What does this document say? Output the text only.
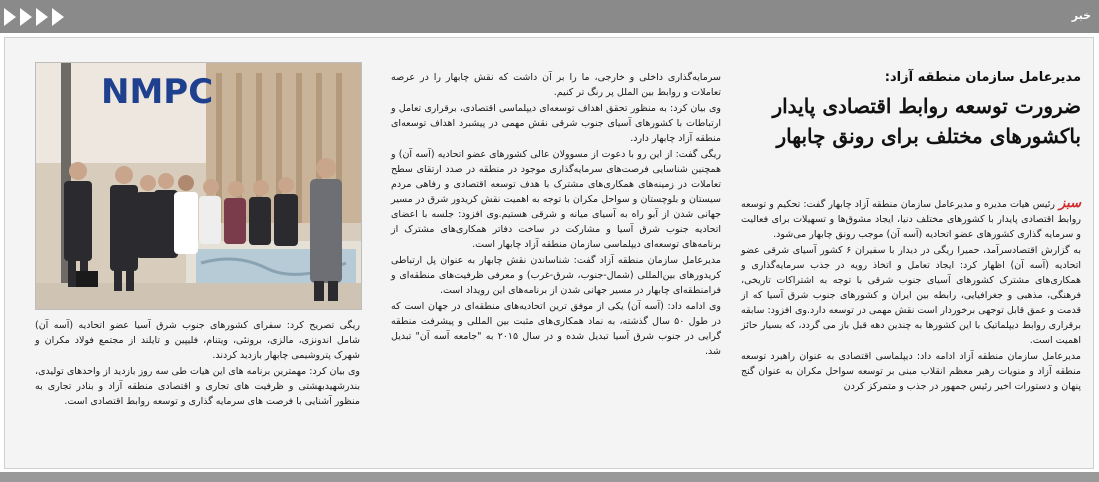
خبر
NMPC	مدیرعامل سازمان منطقه آزاد:
ضرورت توسعه روابط اقتصادی پایدار
باکشورهای مختلف برای رونق چابهار

سبزرئیس هیات مدیره و مدیرعامل سازمان منطقه آزاد چابهار گفت: تحکیم و توسعه روابط اقتصادی پایدار با کشورهای مختلف دنیا، ایجاد مشوق‌ها و تسهیلات برای فعالیت و سرمایه گذاری کشورهای عضو اتحادیه (آسه آن) موجب رونق چابهار می‌شود.

به گزارش اقتصادسرآمد، حمیرا ریگی در دیدار با سفیران ۶ کشور آسیای شرقی عضو اتحادیه (آسه آن) اظهار کرد: ایجاد تعامل و اتخاذ رویه در جذب سرمایه‌گذاری و همکاری‌های مشترک کشورهای آسیای جنوب شرقی با توجه به اشتراکات تاریخی، فرهنگی، مذهبی و جغرافیایی، رابطه بین ایران و کشورهای جنوب شرق آسیا که از قدمت و عمق قابل توجهی برخوردار است نقش مهمی در توسعه دارد.وی افزود: سابقه برقراری روابط دیپلماتیک با این کشورها به چندین دهه قبل باز می گردد، که بسیار حائز اهمیت است.

مدیرعامل سازمان منطقه آزاد ادامه داد: دیپلماسی اقتصادی به عنوان راهبرد توسعه منطقه آزاد و منویات رهبر معظم انقلاب مبنی بر توسعه سواحل مکران به عنوان گنج پنهان و دستورات اخیر رئیس جمهور در جذب و متمرکز کردن

سرمایه‌گذاری داخلی و خارجی، ما را بر آن داشت که نقش چابهار را در عرصه تعاملات و روابط بین الملل پر رنگ تر کنیم.

وی بیان کرد: به منظور تحقق اهداف توسعه‌ای دیپلماسی اقتصادی، برقراری تعامل و ارتباطات با کشورهای آسیای جنوب شرقی نقش مهمی در پیشبرد اهداف توسعه‌ای منطقه آزاد چابهار دارد.

ریگی گفت: از این رو با دعوت از مسوولان عالی کشورهای عضو اتحادیه (آسه آن) و همچنین شناسایی فرصت‌های سرمایه‌گذاری موجود در منطقه در صدد ارتقای سطح تعاملات در زمینه‌های همکاری‌های مشترک با هدف توسعه اقتصادی و رفاهی مردم سیستان و بلوچستان و سواحل مکران با توجه به اهمیت نقش کریدور شرق در مسیر جهانی شدن از آبو راه به آسیای میانه و شرقی هستیم.وی افزود: جلسه با اعضای اتحادیه جنوب شرق آسیا و مشارکت در ساخت دفاتر همکاری‌های مشترک از برنامه‌های توسعه‌ای دیپلماسی سازمان منطقه آزاد چابهار است.

مدیرعامل سازمان منطقه آزاد گفت: شناساندن نقش چابهار به عنوان پل ارتباطی کریدورهای بین‌المللی (شمال-جنوب، شرق-غرب) و معرفی ظرفیت‌های منطقه‌ای و فرامنطقه‌ای چابهار در مسیر جهانی شدن از برنامه‌های این رویداد است.

وی ادامه داد: (آسه آن) یکی از موفق ترین اتحادیه‌های منطقه‌ای در جهان است که در طول ۵۰ سال گذشته، به نماد همکاری‌های مثبت بین المللی و پیشرفت منطقه گرایی در جنوب شرق آسیا تبدیل شده و در سال ۲۰۱۵ به "جامعه آسه آن" تبدیل شد.

ریگی تصریح کرد: سفرای کشورهای جنوب شرق آسیا عضو اتحادیه (آسه آن) شامل اندونزی، مالزی، برونئی، ویتنام، فلیپین و تایلند از مجتمع فولاد مکران و شهرک پتروشیمی چابهار بازدید کردند.

وی بیان کرد: مهمترین برنامه های این هیات طی سه روز بازدید از واحدهای تولیدی، بندرشهیدبهشتی و ظرفیت های تجاری و اقتصادی منطقه آزاد و بنادر تجاری به منظور آشنایی با فرصت های سرمایه گذاری و توسعه روابط اقتصادی است.
